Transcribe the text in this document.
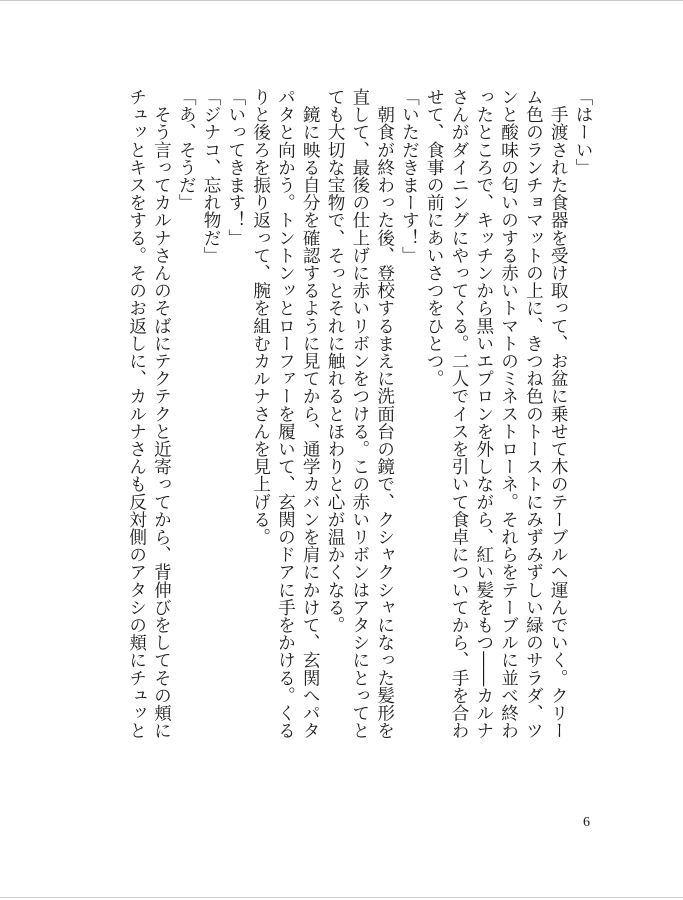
「はーい」

　手渡された食器を受け取って、お盆に乗せて木のテーブルへ運んでいく。クリー

ム色のランチョマットの上に、きつね色のトーストにみずみずしい緑のサラダ、ツ

ンと酸味の匂いのする赤いトマトのミネストローネ。それらをテーブルに並べ終わ

ったところで、キッチンから黒いエプロンを外しながら、紅い髪をもつ――カルナ

さんがダイニングにやってくる。二人でイスを引いて食卓についてから、手を合わ

せて、食事の前にあいさつをひとつ。

「いただきまーす！」

　朝食が終わった後、登校するまえに洗面台の鏡で、クシャクシャになった髪形を

直して、最後の仕上げに赤いリボンをつける。この赤いリボンはアタシにとってと

ても大切な宝物で、そっとそれに触れるとほわりと心が温かくなる。

　鏡に映る自分を確認するように見てから、通学カバンを肩にかけて、玄関へパタ

パタと向かう。トントンッとローファーを履いて、玄関のドアに手をかける。くる

りと後ろを振り返って、腕を組むカルナさんを見上げる。

「いってきます！」

「ジナコ、忘れ物だ」

「あ、そうだ」

　そう言ってカルナさんのそばにテクテクと近寄ってから、背伸びをしてその頬に

チュッとキスをする。そのお返しに、カルナさんも反対側のアタシの頬にチュッと

6
